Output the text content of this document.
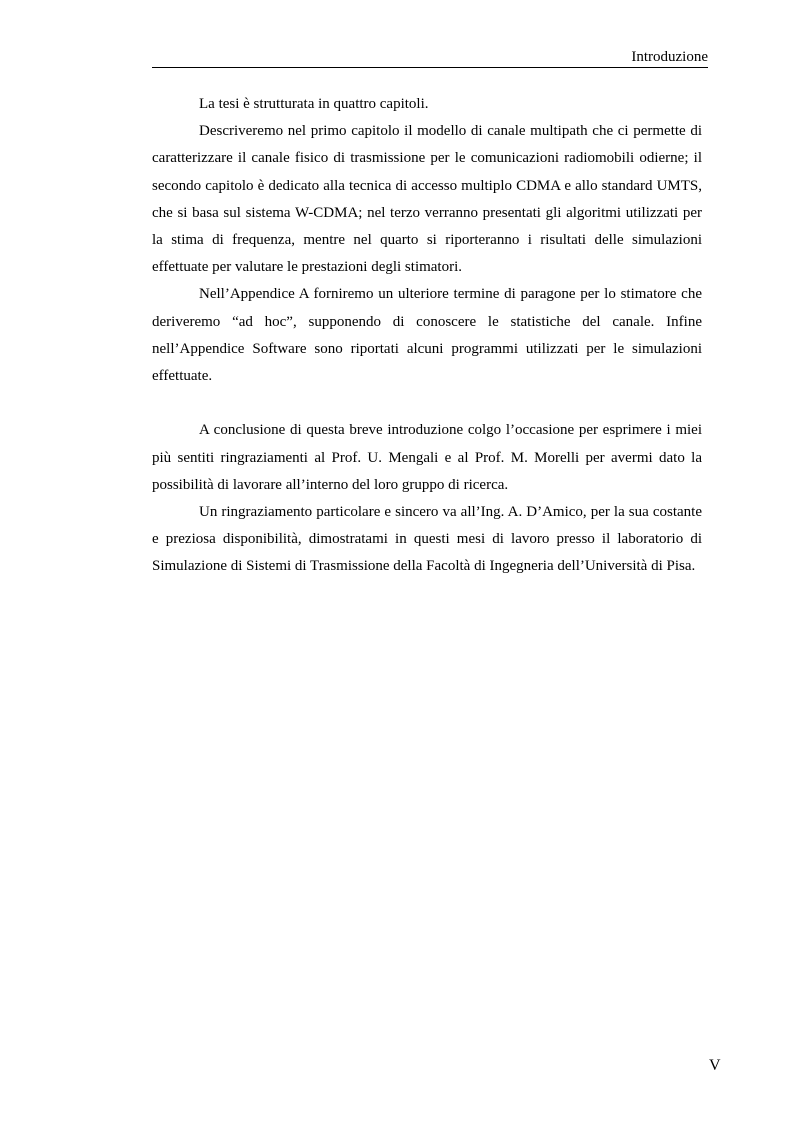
Introduzione

La tesi è strutturata in quattro capitoli.

Descriveremo nel primo capitolo il modello di canale multipath che ci permette di caratterizzare il canale fisico di trasmissione per le comunicazioni radiomobili odierne; il secondo capitolo è dedicato alla tecnica di accesso multiplo CDMA e allo standard UMTS, che si basa sul sistema W-CDMA; nel terzo verranno presentati gli algoritmi utilizzati per la stima di frequenza, mentre nel quarto si riporteranno i risultati delle simulazioni effettuate per valutare le prestazioni degli stimatori.

Nell’Appendice A forniremo un ulteriore termine di paragone per lo stimatore che deriveremo “ad hoc”, supponendo di conoscere le statistiche del canale. Infine nell’Appendice Software sono riportati alcuni programmi utilizzati per le simulazioni effettuate.

A conclusione di questa breve introduzione colgo l’occasione per esprimere i miei più sentiti ringraziamenti al Prof. U. Mengali e al Prof. M. Morelli per avermi dato la possibilità di lavorare all’interno del loro gruppo di ricerca.

Un ringraziamento particolare e sincero va all’Ing. A. D’Amico, per la sua costante e preziosa disponibilità, dimostratami in questi mesi di lavoro presso il laboratorio di Simulazione di Sistemi di Trasmissione della Facoltà di Ingegneria dell’Università di Pisa.

V
